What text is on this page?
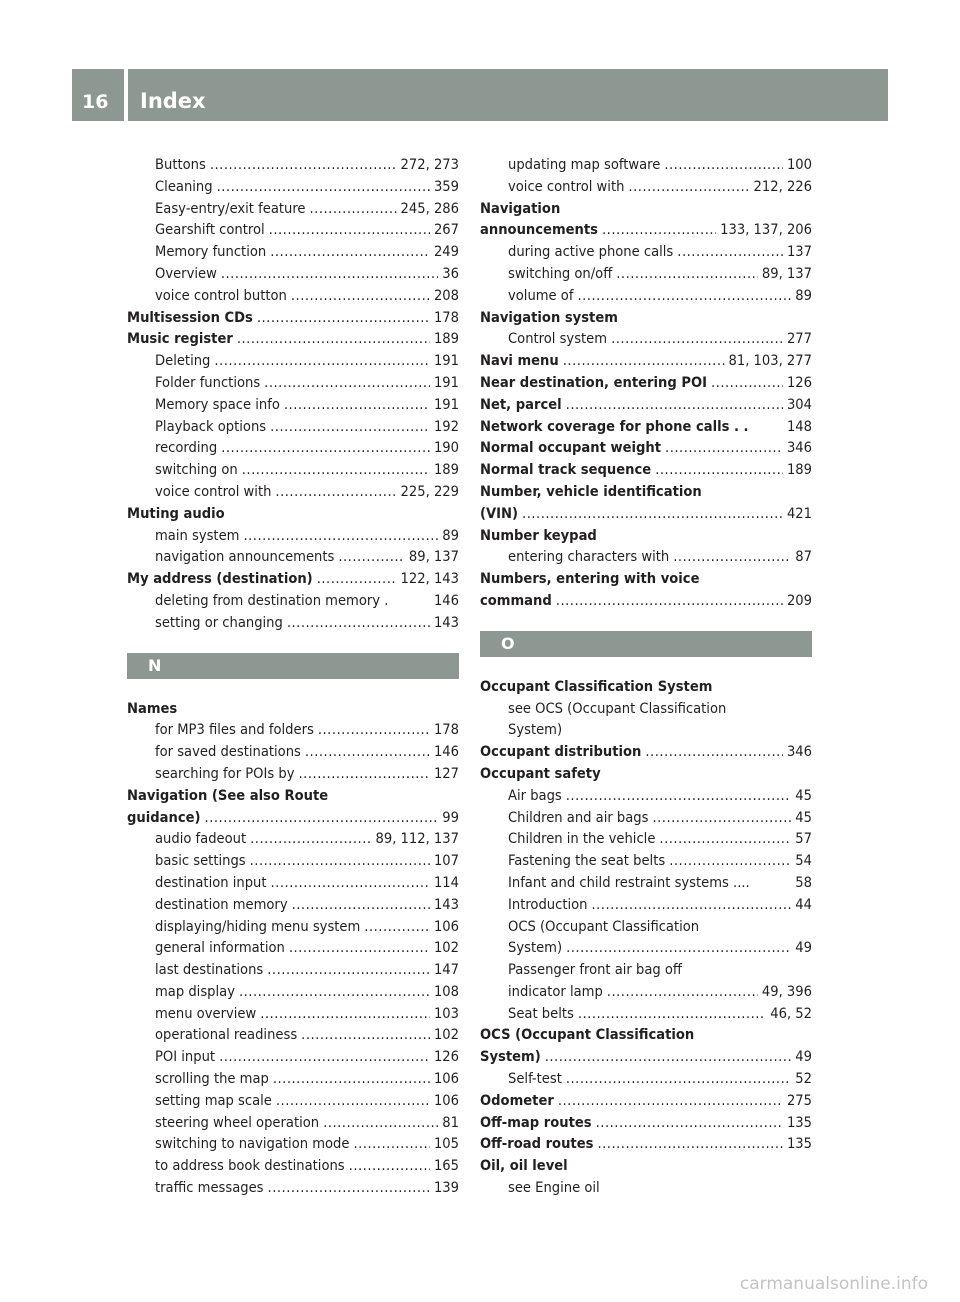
16 Index
Buttons .....	272, 273
Cleaning .....	359
Easy-entry/exit feature .....	245, 286
Gearshift control .....	267
Memory function .....	249
Overview .....	36
voice control button .....	208
Multisession CDs .....	178
Music register .....	189
Deleting .....	191
Folder functions .....	191
Memory space info .....	191
Playback options .....	192
recording .....	190
switching on .....	189
voice control with .....	225, 229
Muting audio
main system .....	89
navigation announcements .....	89, 137
My address (destination) .....	122, 143
deleting from destination memory .	146
setting or changing .....	143
N
Names
for MP3 files and folders .....	178
for saved destinations .....	146
searching for POIs by .....	127
Navigation (See also Route
guidance) .....	99
audio fadeout .....	89, 112, 137
basic settings .....	107
destination input .....	114
destination memory .....	143
displaying/hiding menu system .....	106
general information .....	102
last destinations .....	147
map display .....	108
menu overview .....	103
operational readiness .....	102
POI input .....	126
scrolling the map .....	106
setting map scale .....	106
steering wheel operation .....	81
switching to navigation mode .....	105
to address book destinations .....	165
traffic messages .....	139
updating map software .....	100
voice control with .....	212, 226
Navigation
announcements .....	133, 137, 206
during active phone calls .....	137
switching on/off .....	89, 137
volume of .....	89
Navigation system
Control system .....	277
Navi menu .....	81, 103, 277
Near destination, entering POI .....	126
Net, parcel .....	304
Network coverage for phone calls . .	148
Normal occupant weight .....	346
Normal track sequence .....	189
Number, vehicle identification
(VIN) .....	421
Number keypad
entering characters with .....	87
Numbers, entering with voice
command .....	209
O
Occupant Classification System
see OCS (Occupant Classification
System)
Occupant distribution .....	346
Occupant safety
Air bags .....	45
Children and air bags .....	45
Children in the vehicle .....	57
Fastening the seat belts .....	54
Infant and child restraint systems ....	58
Introduction .....	44
OCS (Occupant Classification
System) .....	49
Passenger front air bag off
indicator lamp .....	49, 396
Seat belts .....	46, 52
OCS (Occupant Classification
System) .....	49
Self-test .....	52
Odometer .....	275
Off-map routes .....	135
Off-road routes .....	135
Oil, oil level
see Engine oil
carmanualsonline.info
